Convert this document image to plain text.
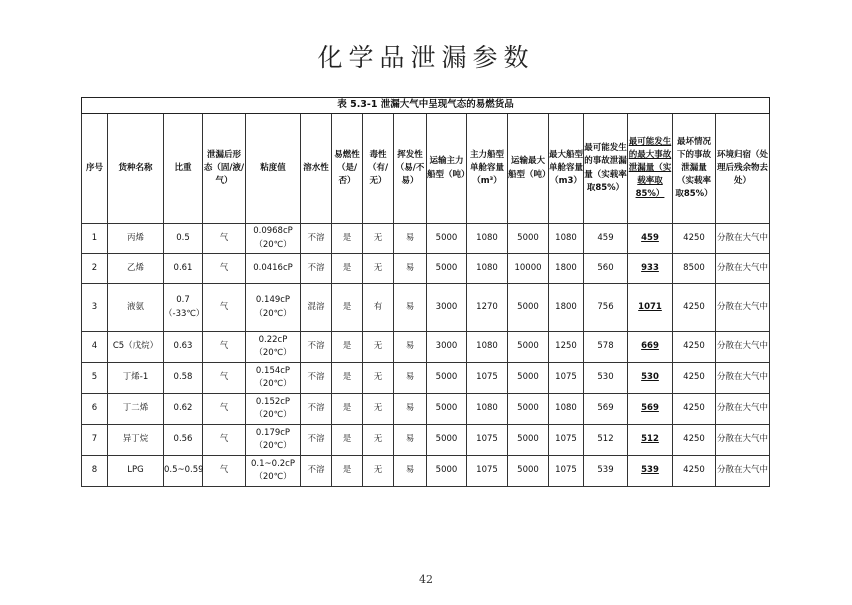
化学品泄漏参数
表 5.3-1 泄漏大气中呈现气态的易燃货品																
序号	货种名称	比重	泄漏后形态（固/液/气）	粘度值	溶水性	易燃性（是/否）	毒性（有/无）	挥发性（易/不易）	运输主力船型（吨）	主力船型单舱容量（m³）	运输最大船型（吨）	最大船型单舱容量（m3）	最可能发生的事故泄漏量（实载率取85%）	最可能发生的最大事故泄漏量（实载率取85%）	最坏情况下的事故泄漏量（实载率取85%）	环境归宿（处理后残余物去处）
1	丙烯	0.5	气	0.0968cP（20℃）	不溶	是	无	易	5000	1080	5000	1080	459	459	4250	分散在大气中
2	乙烯	0.61	气	0.0416cP	不溶	是	无	易	5000	1080	10000	1800	560	933	8500	分散在大气中
3	液氨	0.7（-33℃）	气	0.149cP（20℃）	混溶	是	有	易	3000	1270	5000	1800	756	1071	4250	分散在大气中
4	C5（戊烷）	0.63	气	0.22cP（20℃）	不溶	是	无	易	3000	1080	5000	1250	578	669	4250	分散在大气中
5	丁烯-1	0.58	气	0.154cP（20℃）	不溶	是	无	易	5000	1075	5000	1075	530	530	4250	分散在大气中
6	丁二烯	0.62	气	0.152cP（20℃）	不溶	是	无	易	5000	1080	5000	1080	569	569	4250	分散在大气中
7	异丁烷	0.56	气	0.179cP（20℃）	不溶	是	无	易	5000	1075	5000	1075	512	512	4250	分散在大气中
8	LPG	0.5~0.59	气	0.1~0.2cP（20℃）	不溶	是	无	易	5000	1075	5000	1075	539	539	4250	分散在大气中
42
